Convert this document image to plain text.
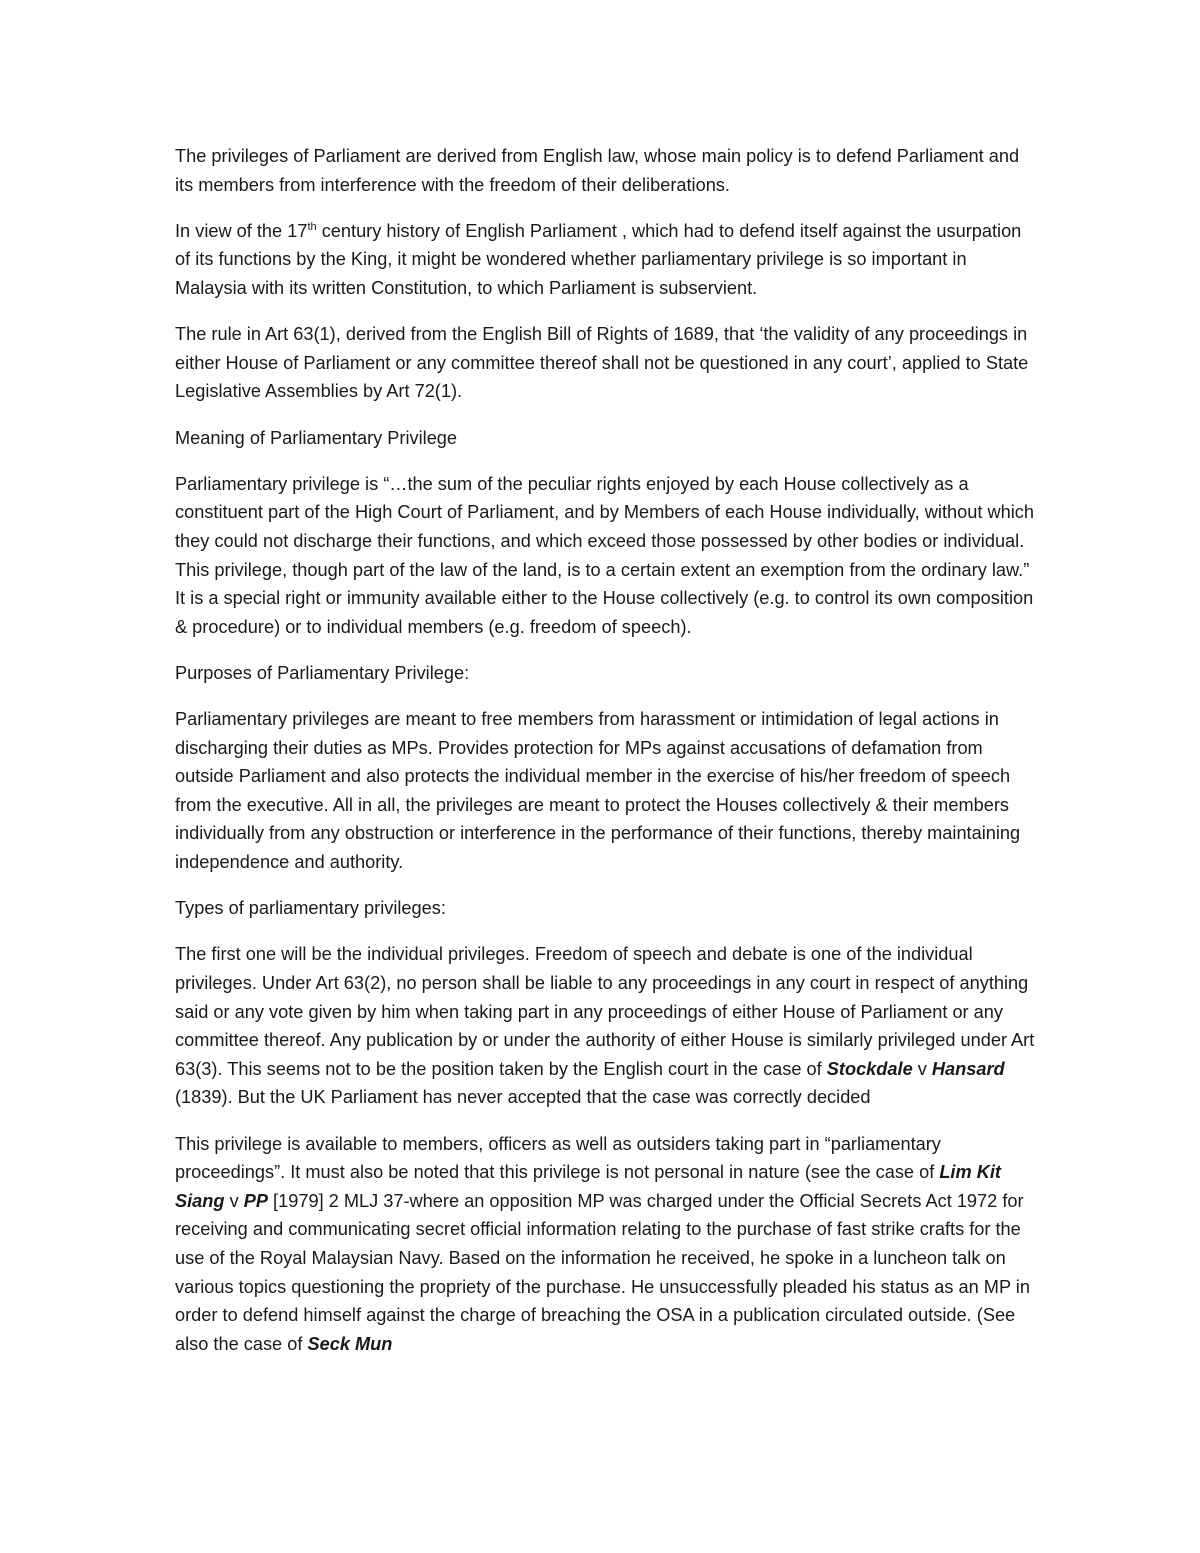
The privileges of Parliament are derived from English law, whose main policy is to defend Parliament and its members from interference with the freedom of their deliberations.

In view of the 17th century history of English Parliament , which had to defend itself against the usurpation of its functions by the King, it might be wondered whether parliamentary privilege is so important in Malaysia with its written Constitution, to which Parliament is subservient.

The rule in Art 63(1), derived from the English Bill of Rights of 1689, that ‘the validity of any proceedings in either House of Parliament or any committee thereof shall not be questioned in any court’, applied to State Legislative Assemblies by Art 72(1).

Meaning of Parliamentary Privilege

Parliamentary privilege is “…the sum of the peculiar rights enjoyed by each House collectively as a constituent part of the High Court of Parliament, and by Members of each House individually, without which they could not discharge their functions, and which exceed those possessed by other bodies or individual. This privilege, though part of the law of the land, is to a certain extent an exemption from the ordinary law.” It is a special right or immunity available either to the House collectively (e.g. to control its own composition & procedure) or to individual members (e.g. freedom of speech).

Purposes of Parliamentary Privilege:

Parliamentary privileges are meant to free members from harassment or intimidation of legal actions in discharging their duties as MPs. Provides protection for MPs against accusations of defamation from outside Parliament and also protects the individual member in the exercise of his/her freedom of speech from the executive. All in all, the privileges are meant to protect the Houses collectively & their members individually from any obstruction or interference in the performance of their functions, thereby maintaining independence and authority.

Types of parliamentary privileges:

The first one will be the individual privileges. Freedom of speech and debate is one of the individual privileges. Under Art 63(2), no person shall be liable to any proceedings in any court in respect of anything said or any vote given by him when taking part in any proceedings of either House of Parliament or any committee thereof. Any publication by or under the authority of either House is similarly privileged under Art 63(3). This seems not to be the position taken by the English court in the case of Stockdale v Hansard (1839). But the UK Parliament has never accepted that the case was correctly decided

This privilege is available to members, officers as well as outsiders taking part in “parliamentary proceedings”. It must also be noted that this privilege is not personal in nature (see the case of Lim Kit Siang v PP [1979] 2 MLJ 37-where an opposition MP was charged under the Official Secrets Act 1972 for receiving and communicating secret official information relating to the purchase of fast strike crafts for the use of the Royal Malaysian Navy. Based on the information he received, he spoke in a luncheon talk on various topics questioning the propriety of the purchase. He unsuccessfully pleaded his status as an MP in order to defend himself against the charge of breaching the OSA in a publication circulated outside. (See also the case of Seck Mun
